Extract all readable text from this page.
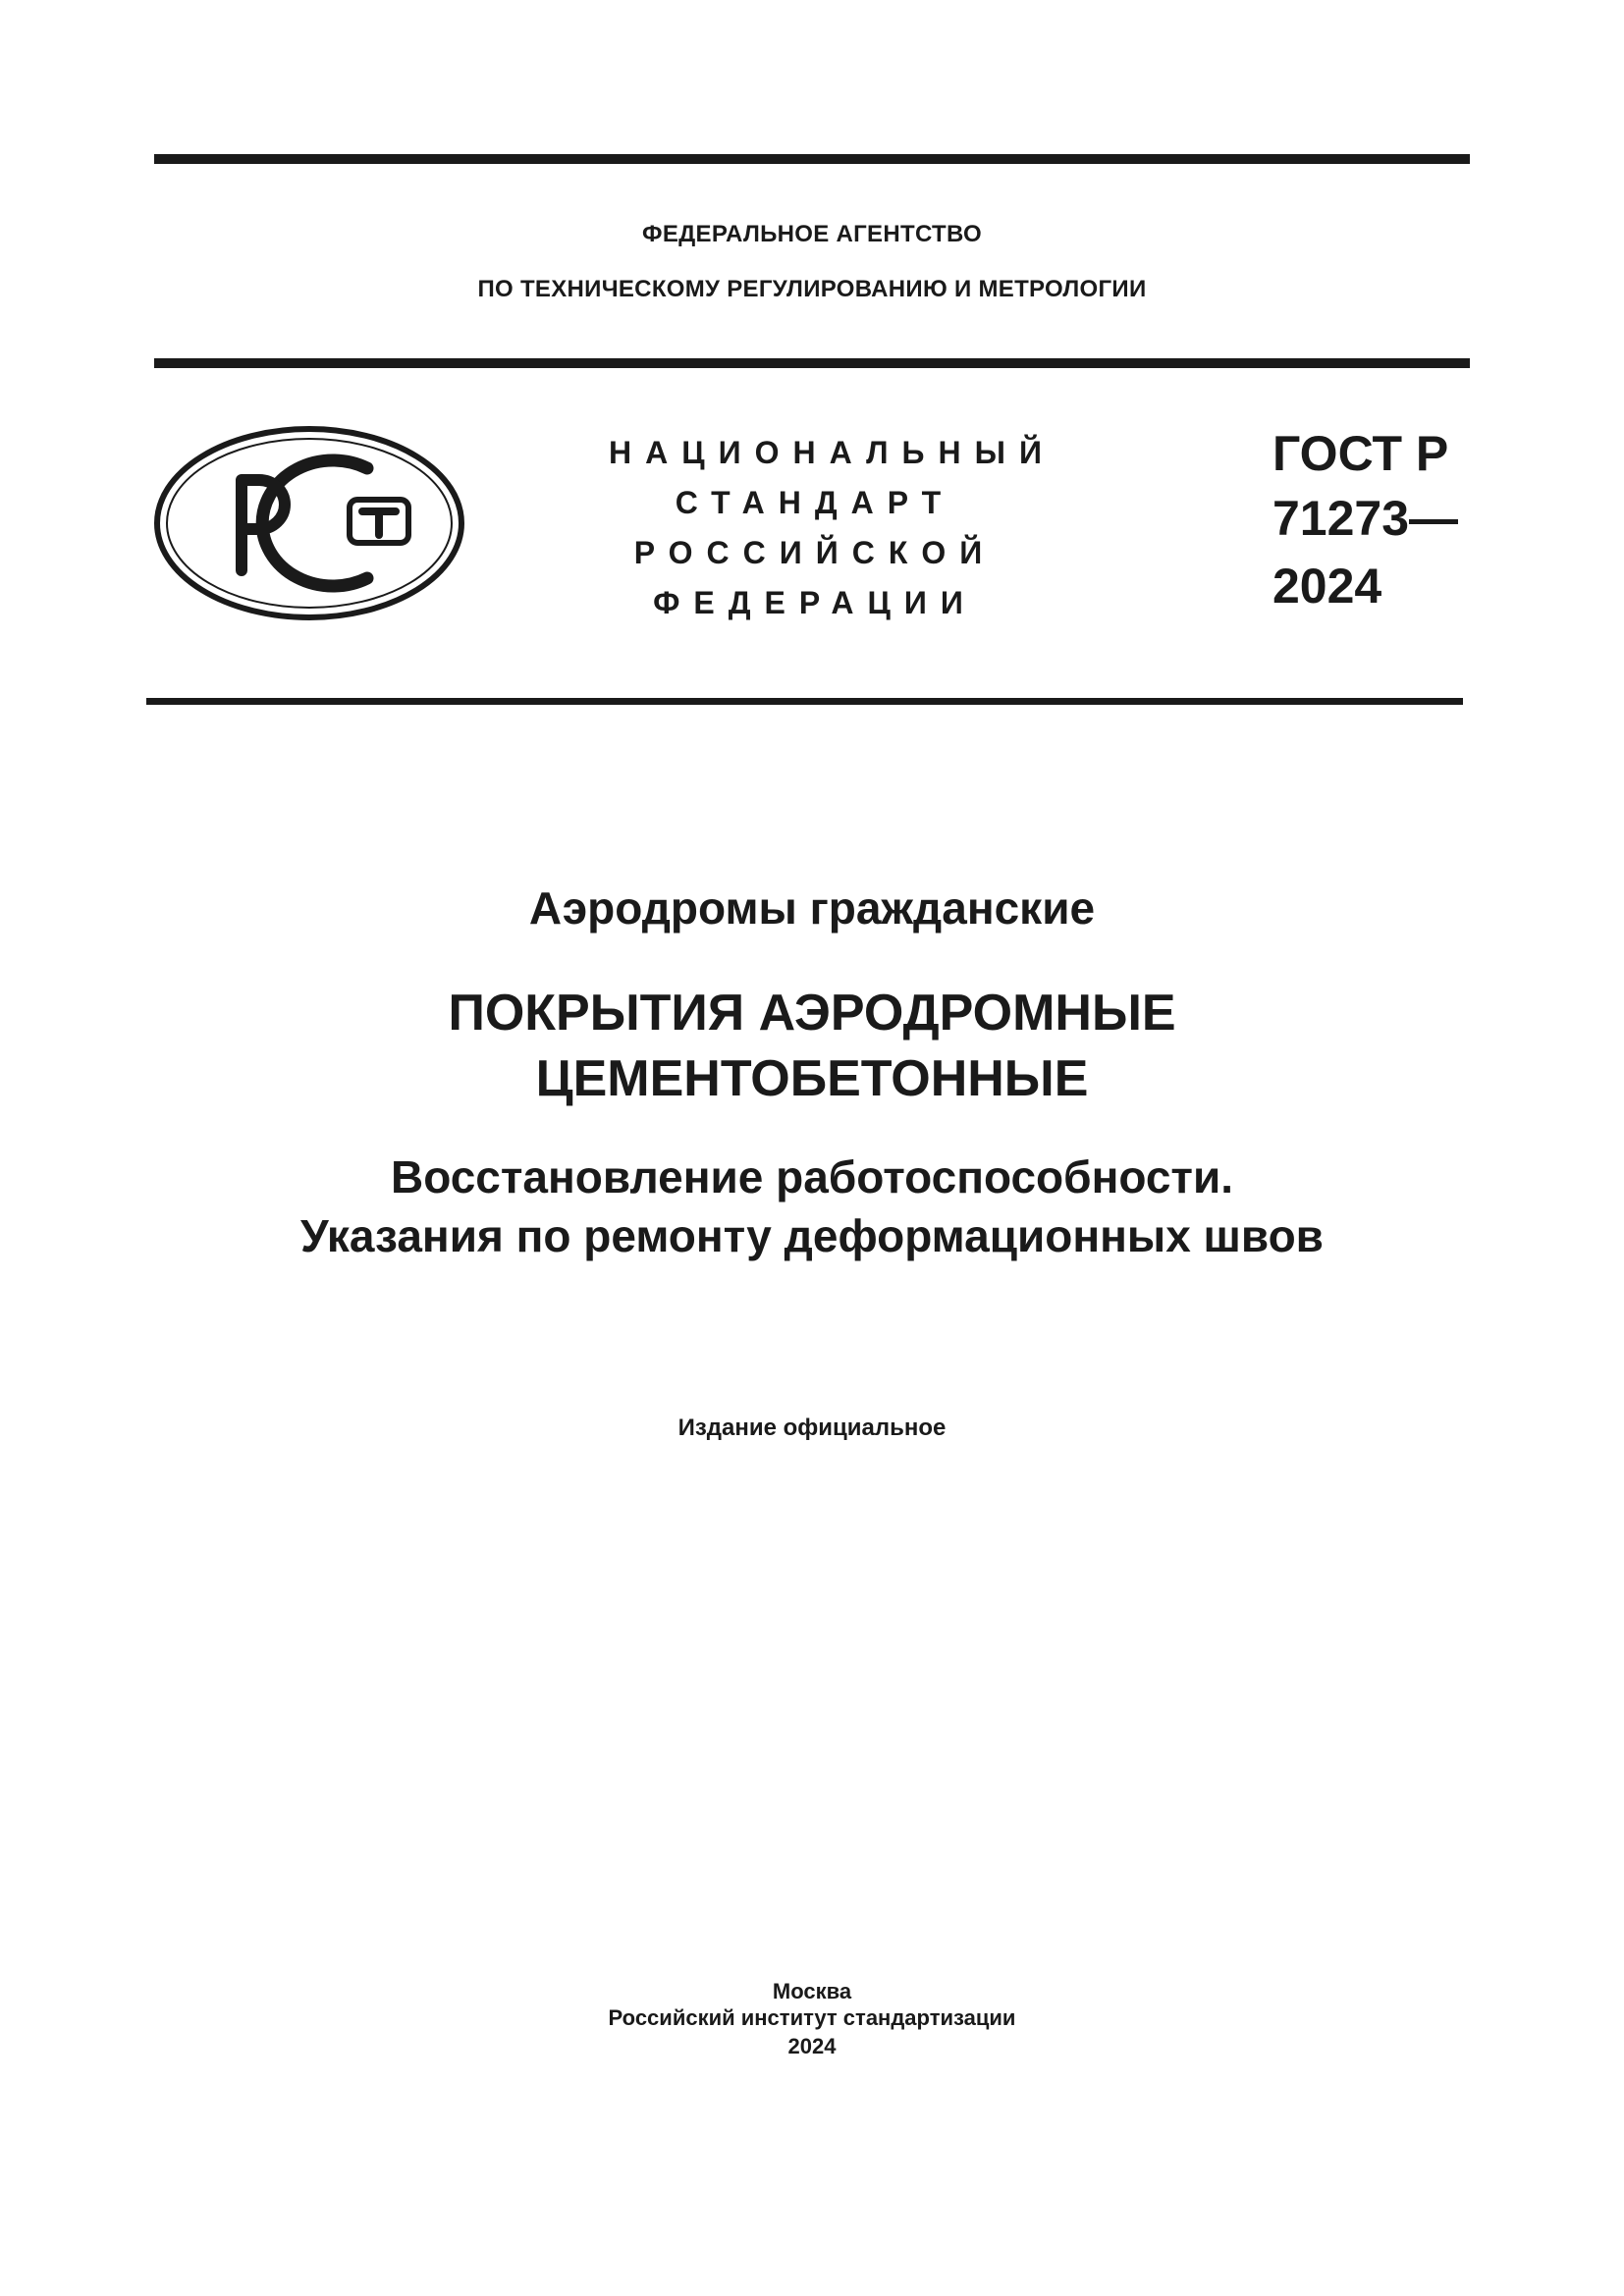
ФЕДЕРАЛЬНОЕ АГЕНТСТВО
ПО ТЕХНИЧЕСКОМУ РЕГУЛИРОВАНИЮ И МЕТРОЛОГИИ
НАЦИОНАЛЬНЫЙ
СТАНДАРТ
РОССИЙСКОЙ
ФЕДЕРАЦИИ
ГОСТ Р
71273—
2024
Аэродромы гражданские
ПОКРЫТИЯ АЭРОДРОМНЫЕ
ЦЕМЕНТОБЕТОННЫЕ
Восстановление работоспособности.
Указания по ремонту деформационных швов
Издание официальное
Москва
Российский институт стандартизации
2024
